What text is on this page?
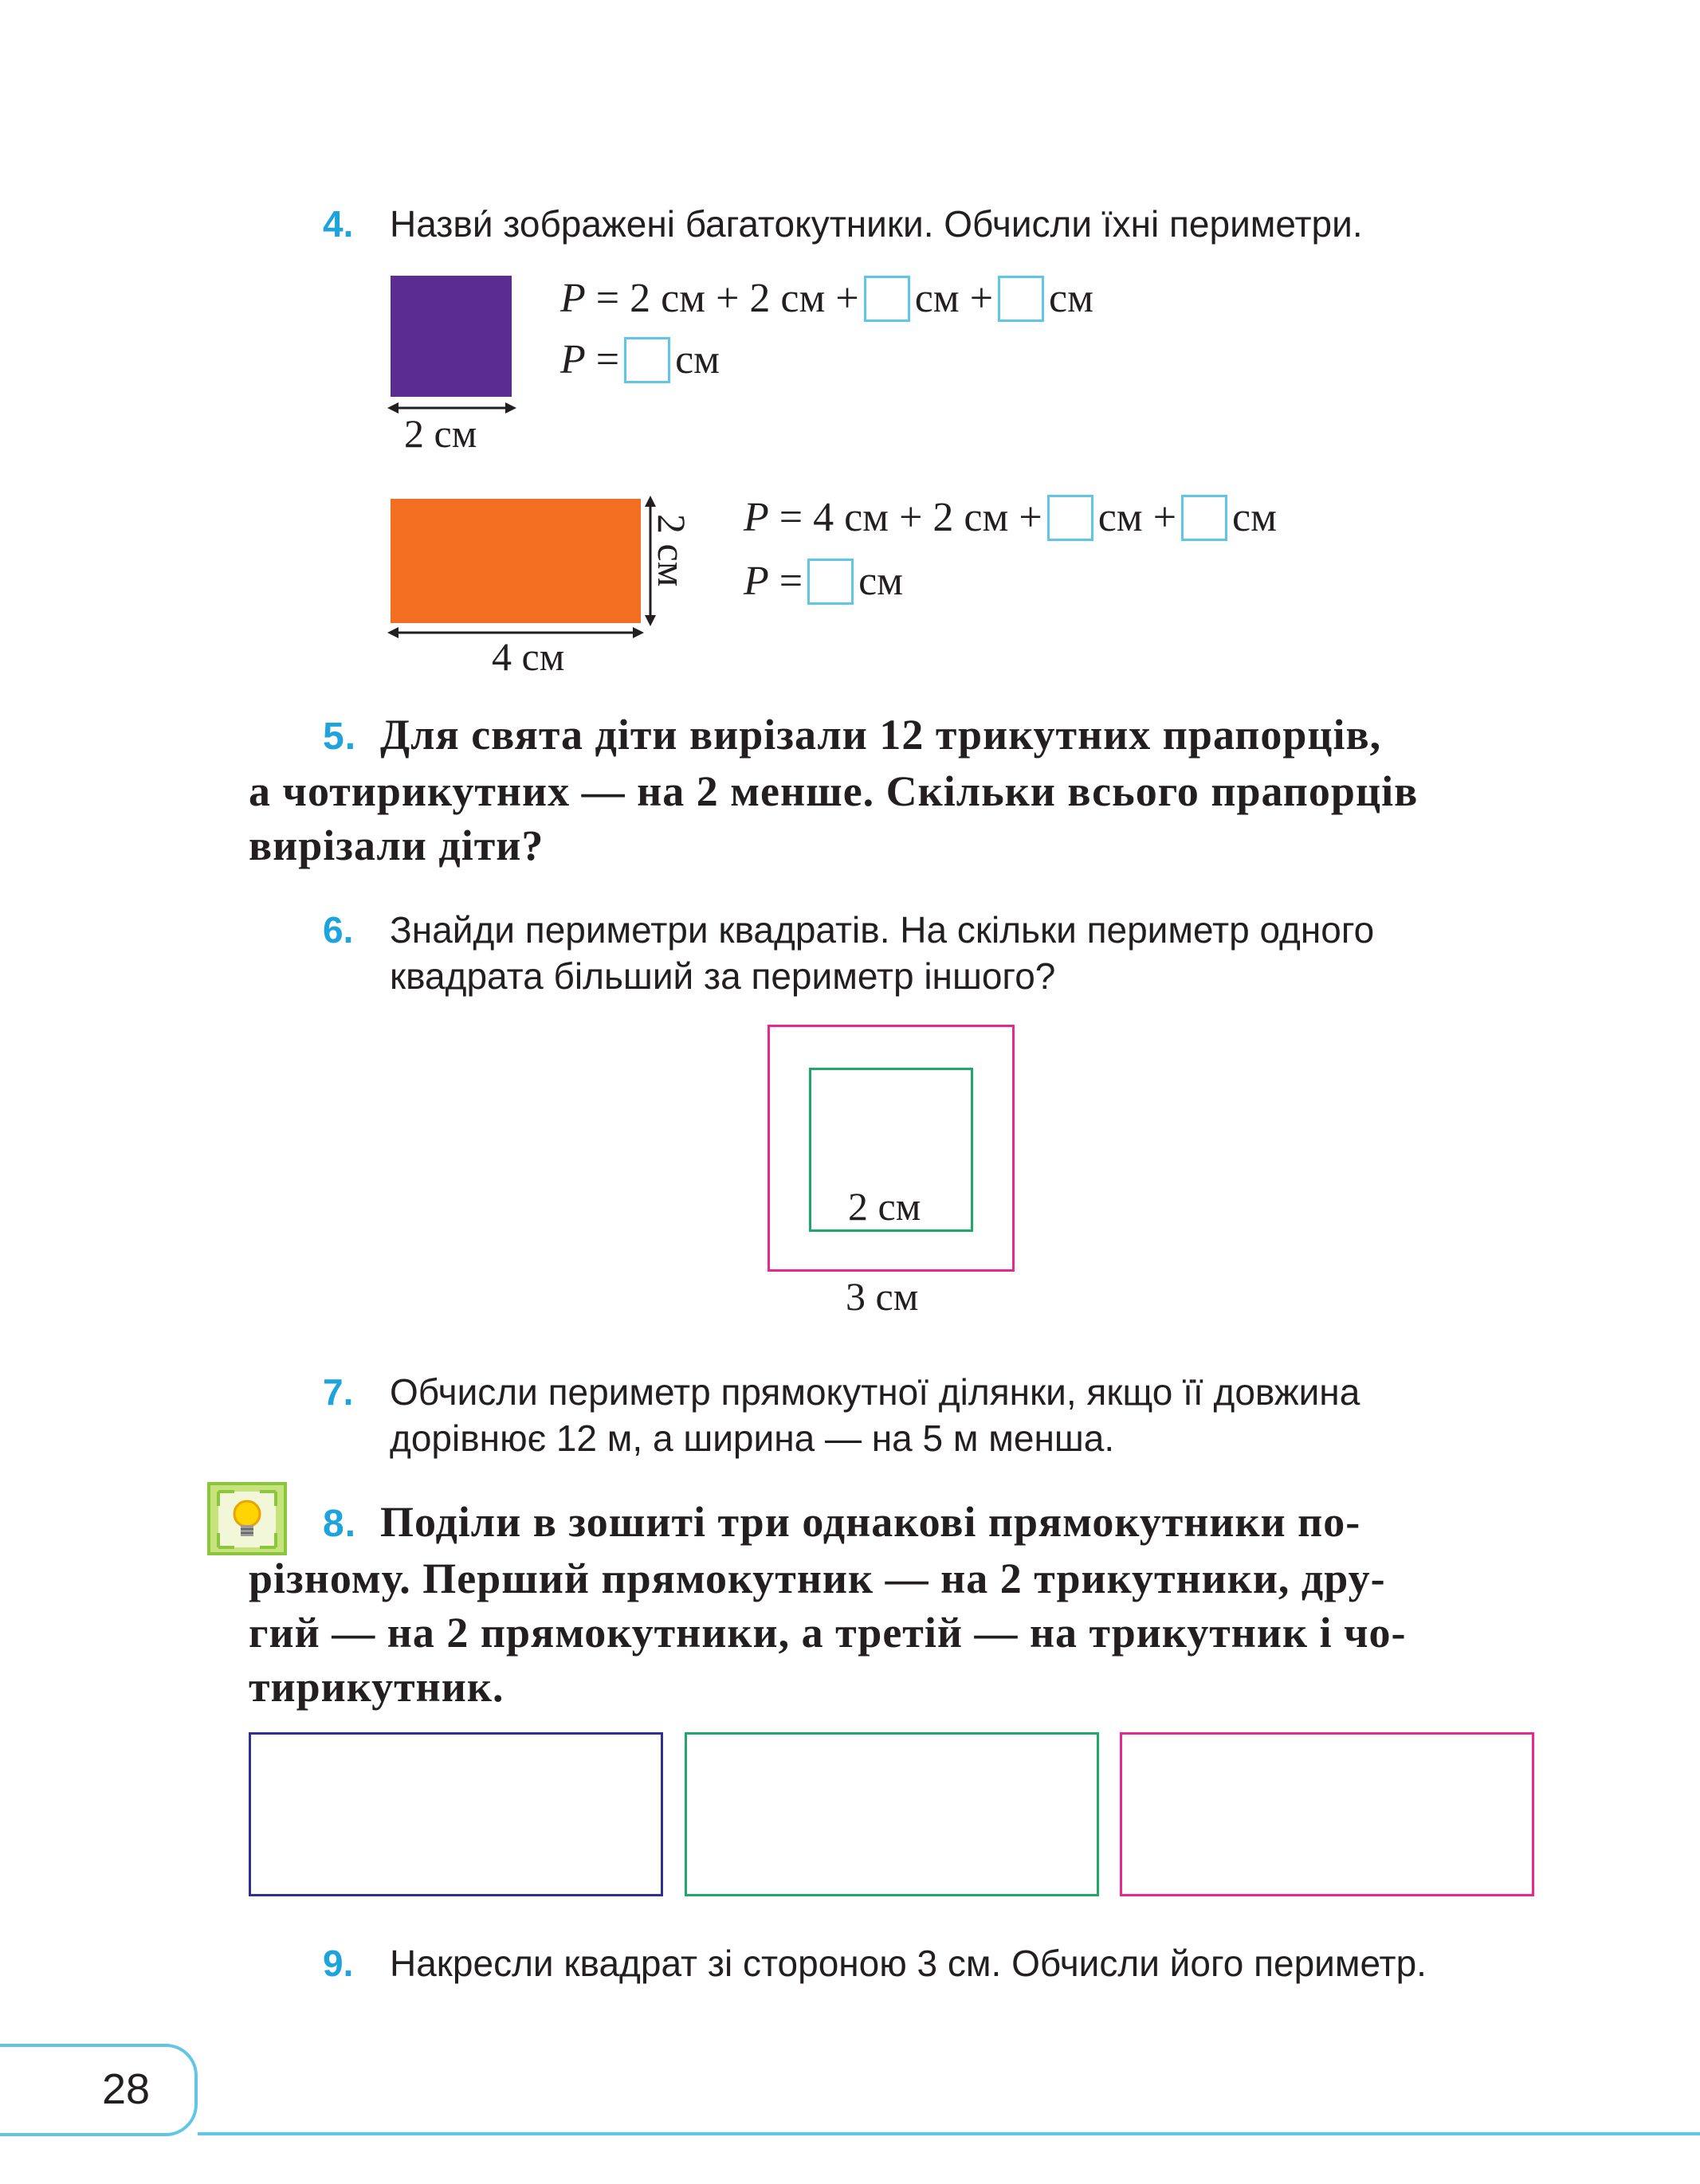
4. Назви́ зображені багатокутники. Обчисли їхні периметри.
2 см
P = 2 см + 2 см + см + см
P = см
4 см
2 см P = 4 см + 2 см + см + см
P = см
5. Для свята діти вирізали 12 трикутних прапорців,
а чотирикутних — на 2 менше. Скільки всього прапорців
вирізали діти?
6. Знайди периметри квадратів. На скільки периметр одного
квадрата більший за периметр іншого?
2 см
3 см
7. Обчисли периметр прямокутної ділянки, якщо її довжина
дорівнює 12 м, а ширина — на 5 м менша.
8. Поділи в зошиті три однакові прямокутники по-
різному. Перший прямокутник — на 2 трикутники, дру-
гий — на 2 прямокутники, а третій — на трикутник і чо-
тирикутник.
9. Накресли квадрат зі стороною 3 см. Обчисли його периметр.
28
